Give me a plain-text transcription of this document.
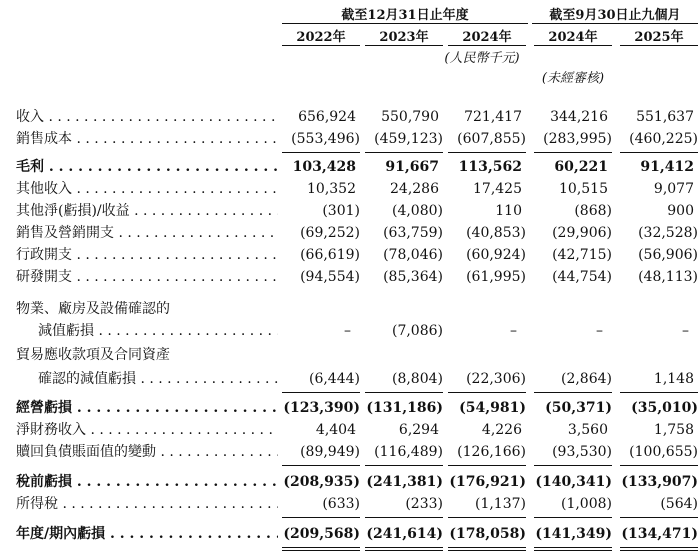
截至12月31日止年度	截至9月30日止九個月
2022年	2023年	2024年	2024年	2025年
(人民幣千元)
(未經審核)
收入 . . .	656,924 550,790 721,417 344,216 551,637
銷售成本 . . .	(553,496) (459,123) (607,855) (283,995) (460,225)
毛利 . . .	103,428 91,667 113,562 60,221 91,412
其他收入 . . .	10,352 24,286 17,425	10,515	9,077
其他淨(虧損)/收益 . . .	(301) (4,080)	110	(868)	900
銷售及營銷開支 . . .	(69,252) (63,759) (40,853) (29,906) (32,528)
行政開支 . . .	(66,619) (78,046) (60,924) (42,715) (56,906)
研發開支 . . .	(94,554) (85,364) (61,995) (44,754) (48,113)
物業、廠房及設備確認的
減值虧損 . . .	–	(7,086)	–	–	–
貿易應收款項及合同資產
確認的減值虧損 . . .	(6,444) (8,804) (22,306) (2,864)	1,148
經營虧損 . . .	(123,390) (131,186) (54,981) (50,371) (35,010)
淨財務收入 . . .	4,404	6,294	4,226	3,560	1,758
贖回負債賬面值的變動 . . .	(89,949) (116,489) (126,166) (93,530) (100,655)
稅前虧損 . . .	(208,935) (241,381) (176,921) (140,341) (133,907)
所得稅 . . .	(633)	(233) (1,137) (1,008)	(564)
年度/期內虧損 . . .	(209,568) (241,614) (178,058) (141,349) (134,471)
